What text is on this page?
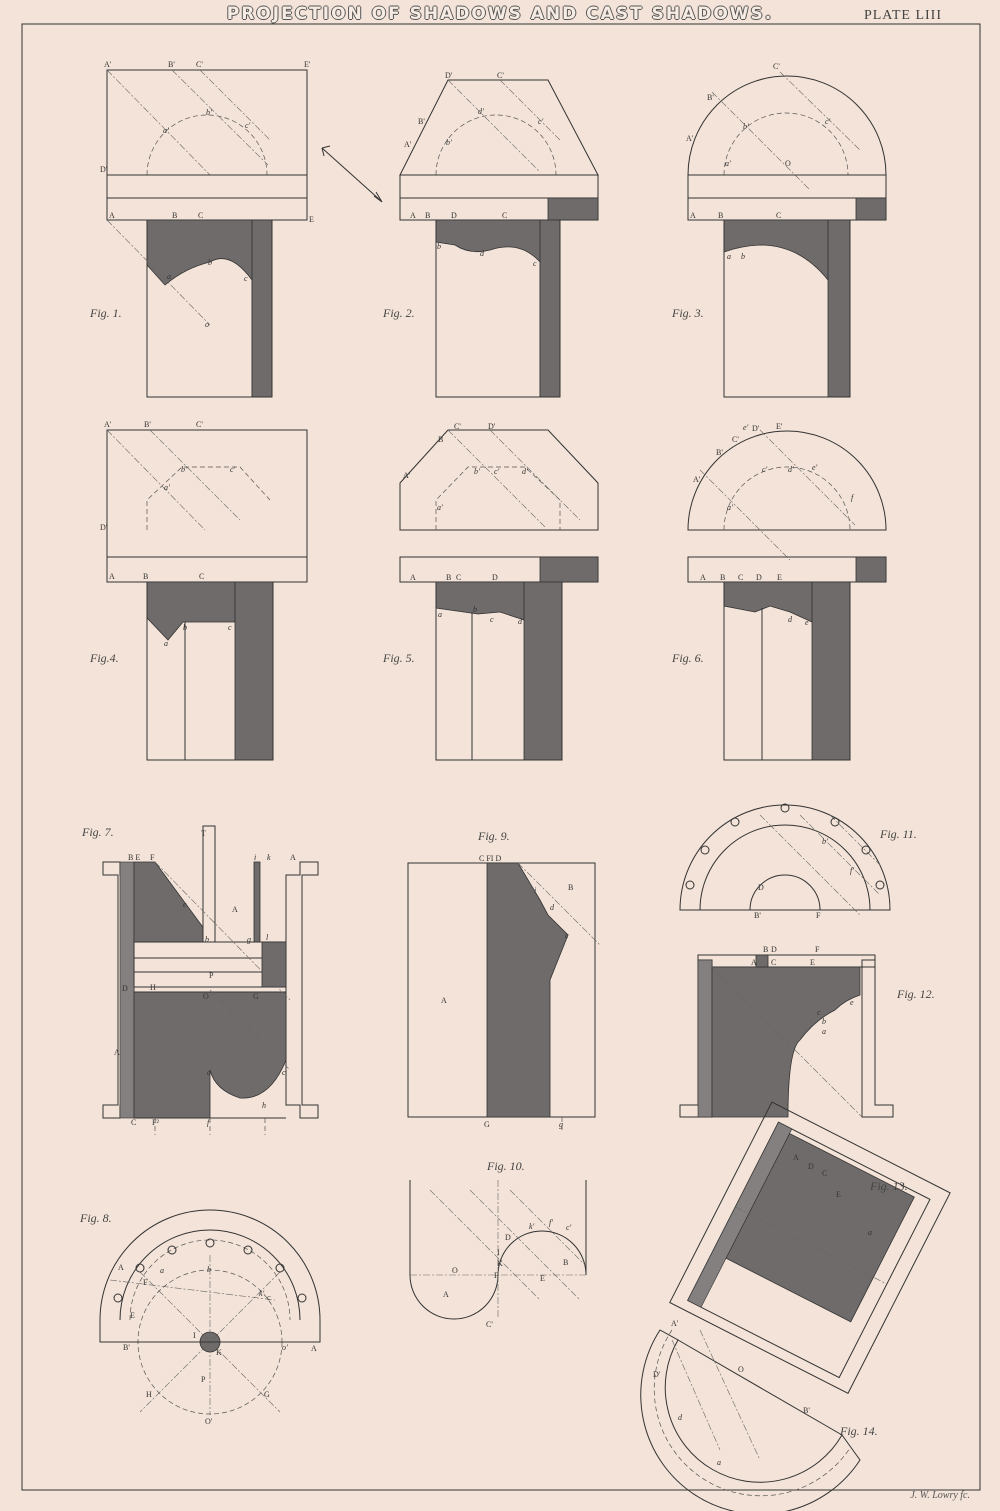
PROJECTION OF SHADOWS AND CAST SHADOWS.	PLATE LIII
J. W. Lowry fc.
Fig. 1.	Fig. 2.	Fig. 3.
Fig.4.	Fig. 5.	Fig. 6.
Fig. 7.
Fig. 8.
Fig. 9.
Fig. 10.
Fig. 11.
Fig. 12.
Fig. 13.
Fig. 14.
A'	B'	C'	E'
D'
a'
b'
c'
A	B	C	E
a
b
c
o
D'	C'
B'
A'
d'
b'
c'
A B	D	C
b
d
c
C'
B'
A'
b'
a'
c'
O
A	B	C
a b
A'	B'	C'
D'
b'	c'
a'
A	B	C
a
b	c
C'	D'
B
A'	b' c'	d'
a'
A	B C	D
a
b
c	d
D' E'
C'
B'
A'
e'
e'
f
d'
c'
a'
A B C D E
d e
T
B E F	i k A
A
e
b	g l
P
D	H
O	G
A
a	c
h
C F²	f
A
F
E
a	b
k' c
B'
I
K
o'	A
P
H	G
O'
C FI D
B
i
d
c
A
G	g
D
k' f'
c'
I
K
O
F	E
B
A
C'
b'
f'
D
B'	F
B D	F
A C	E
c
b
a
e
A
D
C
E
a
A'
D'
O
B'
d
a
